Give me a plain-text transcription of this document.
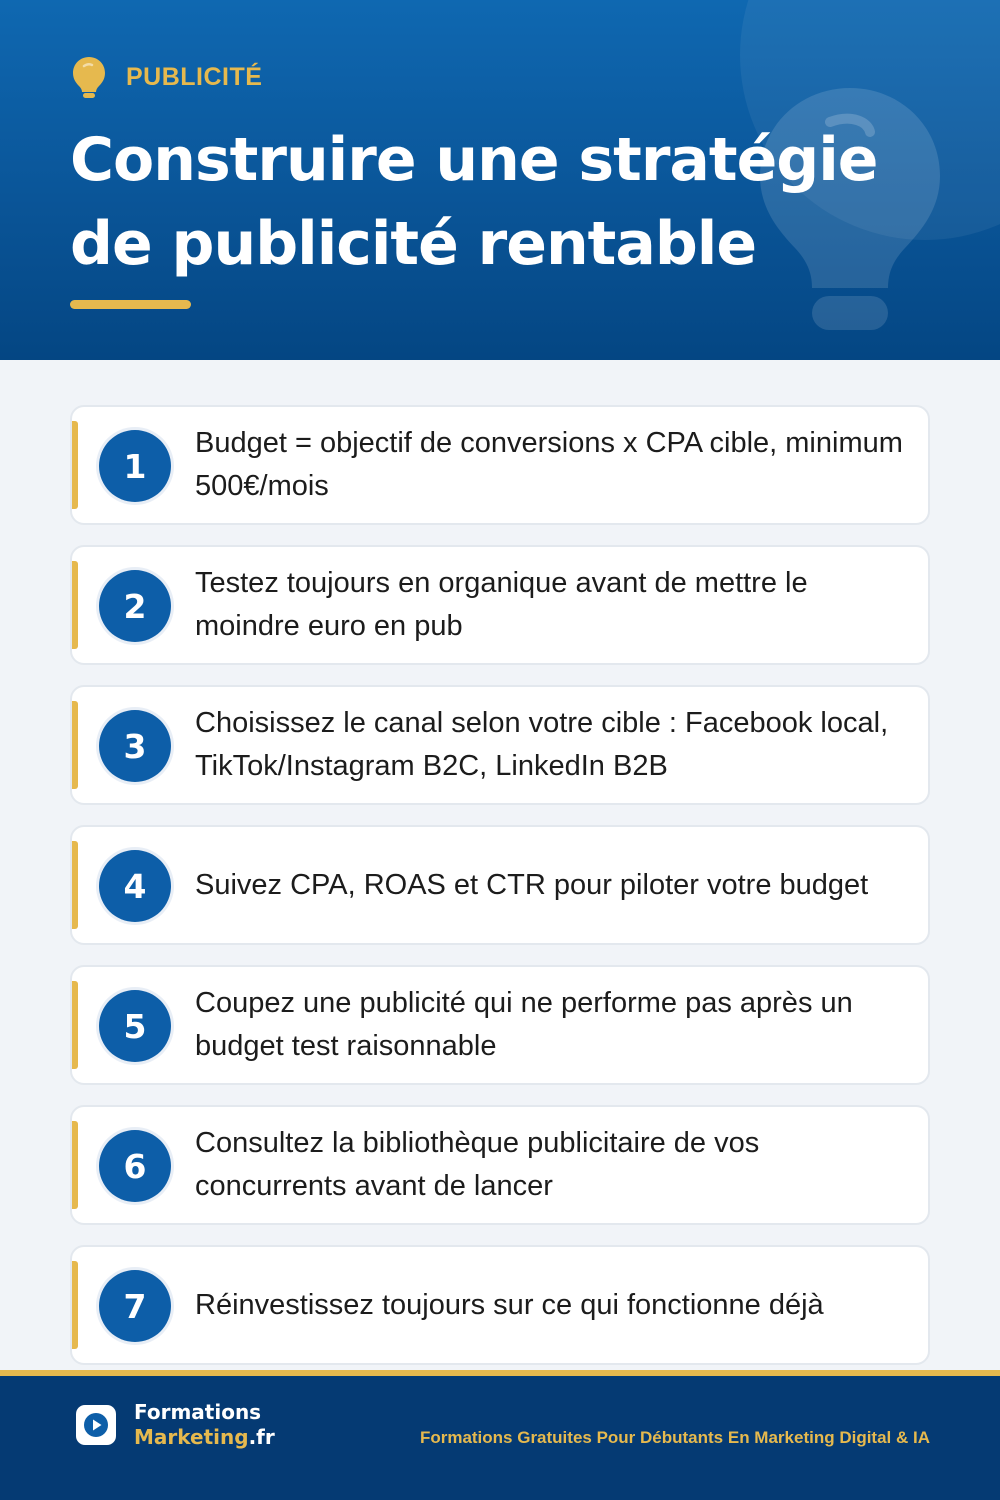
PUBLICITÉ
Construire une stratégie de publicité rentable
1
Budget = objectif de conversions x CPA cible, minimum 500€/mois
2
Testez toujours en organique avant de mettre le moindre euro en pub
3
Choisissez le canal selon votre cible : Facebook local, TikTok/Instagram B2C, LinkedIn B2B
4	Suivez CPA, ROAS et CTR pour piloter votre budget
5
Coupez une publicité qui ne performe pas après un budget test raisonnable
6
Consultez la bibliothèque publicitaire de vos concurrents avant de lancer
7	Réinvestissez toujours sur ce qui fonctionne déjà
Formations
Marketing.fr	Formations Gratuites Pour Débutants En Marketing Digital & IA
